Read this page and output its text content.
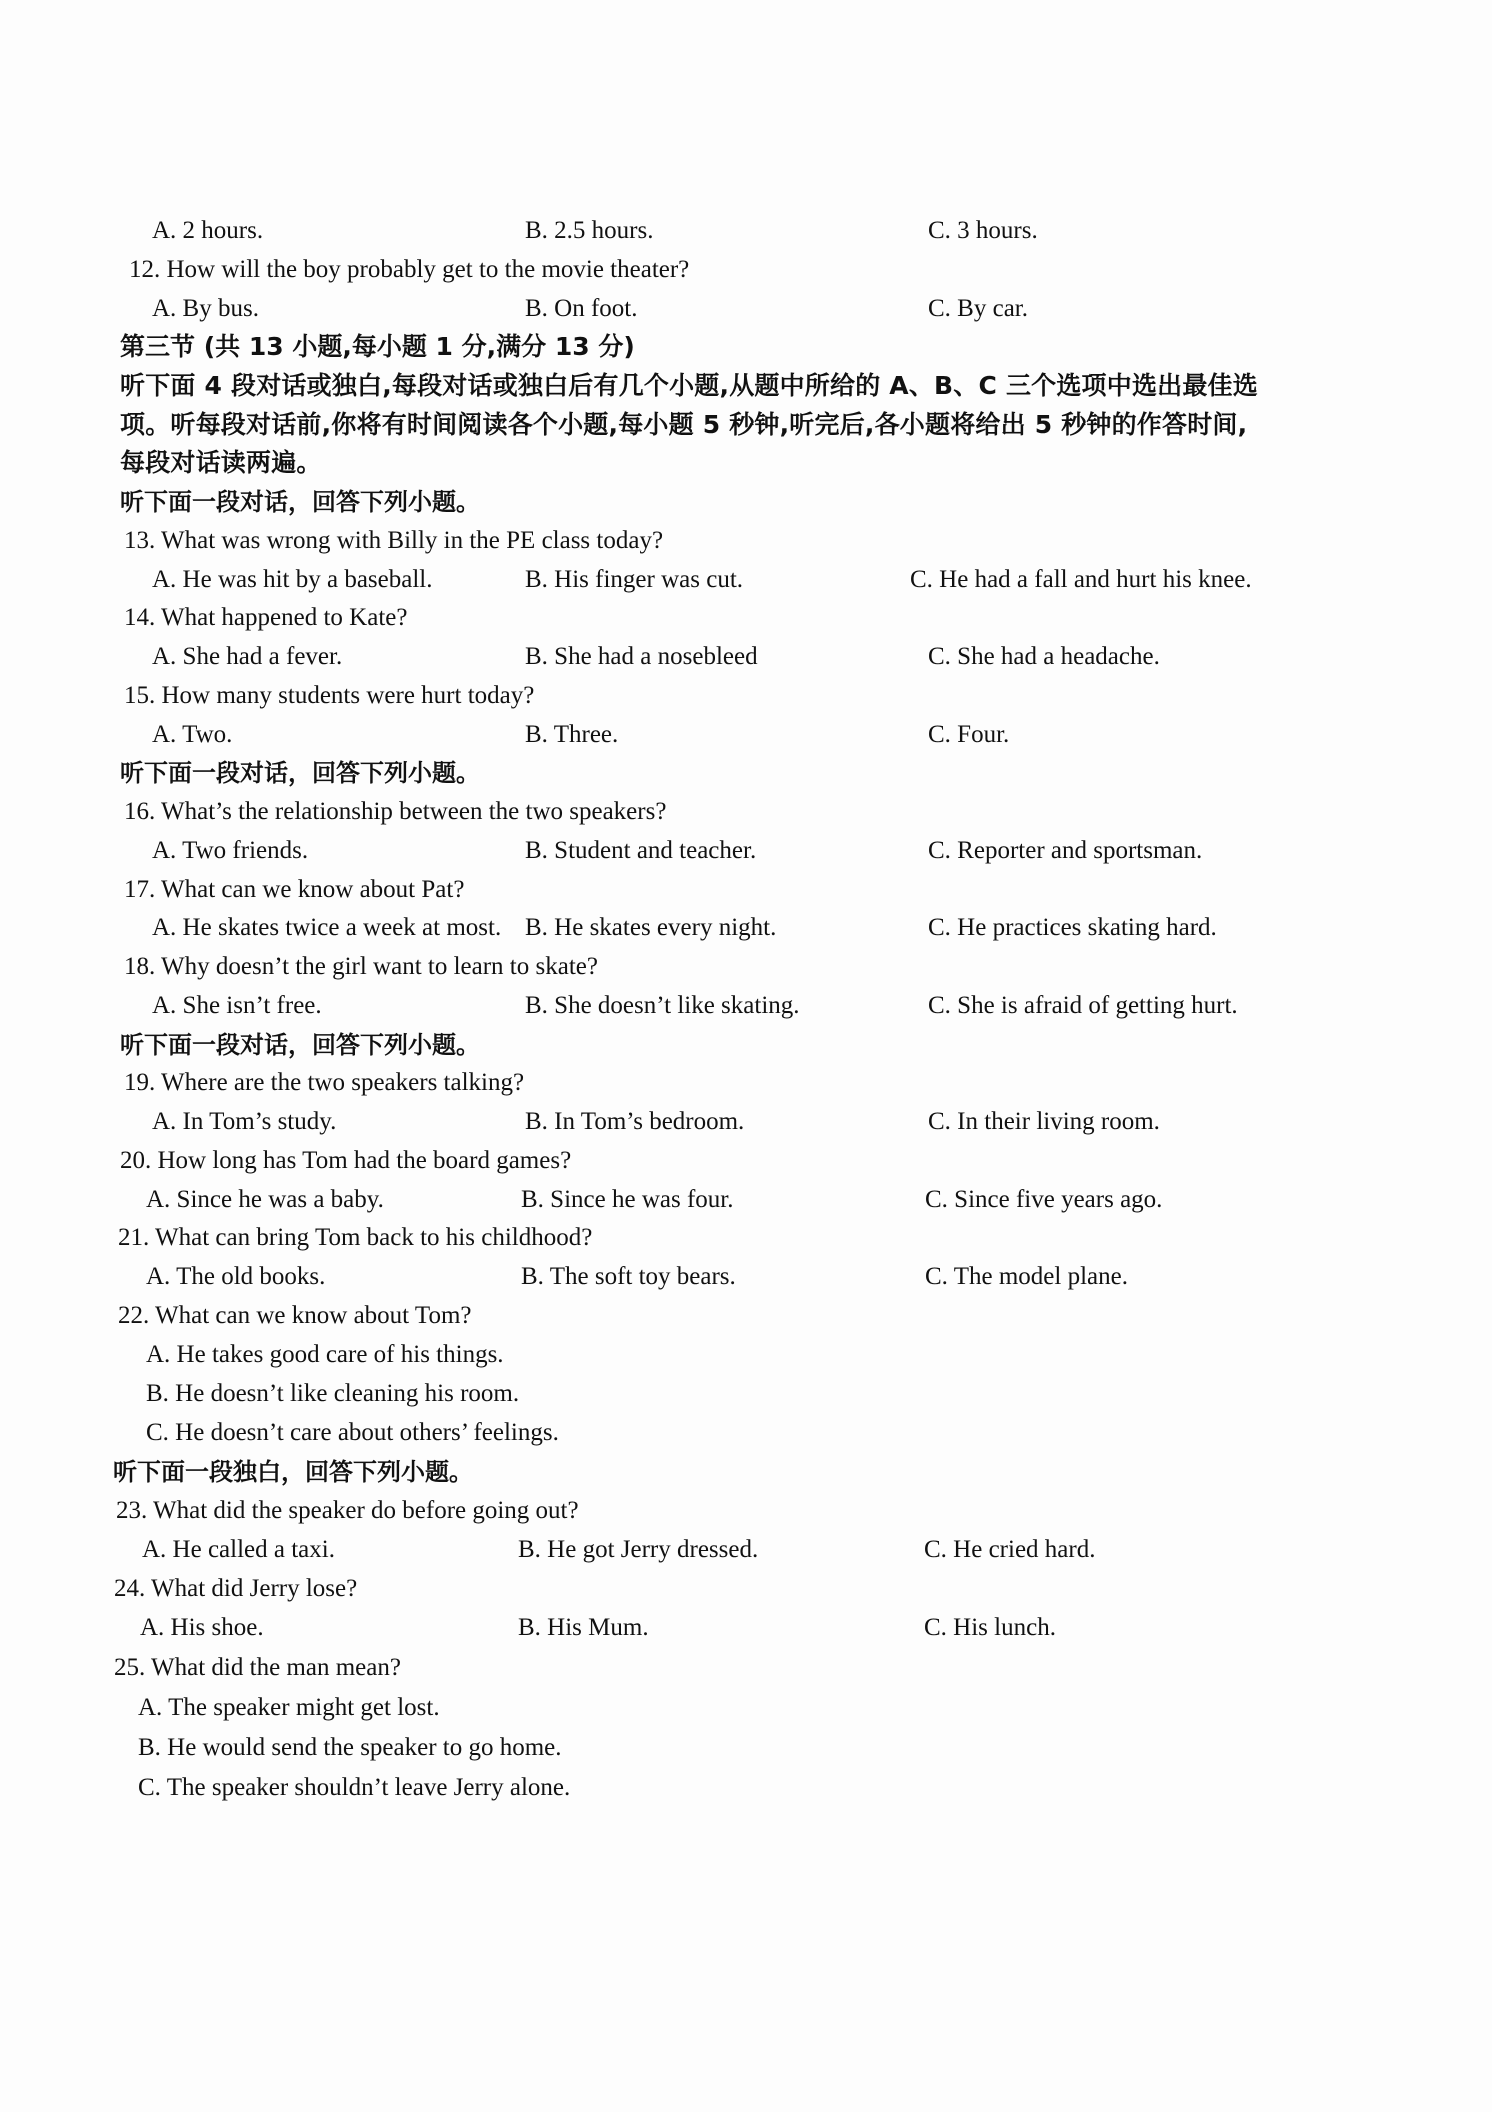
A. 2 hours.	B. 2.5 hours.	C. 3 hours.
12. How will the boy probably get to the movie theater?
A. By bus.	B. On foot.	C. By car.
第三节 (共 13 小题,每小题 1 分,满分 13 分)
听下面 4 段对话或独白,每段对话或独白后有几个小题,从题中所给的 A、B、C 三个选项中选出最佳选
项。听每段对话前,你将有时间阅读各个小题,每小题 5 秒钟,听完后,各小题将给出 5 秒钟的作答时间,
每段对话读两遍。
听下面一段对话，回答下列小题。
13. What was wrong with Billy in the PE class today?
A. He was hit by a baseball.	B. His finger was cut.	C. He had a fall and hurt his knee.
14. What happened to Kate?
A. She had a fever.	B. She had a nosebleed	C. She had a headache.
15. How many students were hurt today?
A. Two.	B. Three.	C. Four.
听下面一段对话，回答下列小题。
16. What’s the relationship between the two speakers?
A. Two friends.	B. Student and teacher.	C. Reporter and sportsman.
17. What can we know about Pat?
A. He skates twice a week at most. B. He skates every night.	C. He practices skating hard.
18. Why doesn’t the girl want to learn to skate?
A. She isn’t free.	B. She doesn’t like skating.	C. She is afraid of getting hurt.
听下面一段对话，回答下列小题。
19. Where are the two speakers talking?
A. In Tom’s study.	B. In Tom’s bedroom.	C. In their living room.
20. How long has Tom had the board games?
A. Since he was a baby.	B. Since he was four.	C. Since five years ago.
21. What can bring Tom back to his childhood?
A. The old books.	B. The soft toy bears.	C. The model plane.
22. What can we know about Tom?
A. He takes good care of his things.
B. He doesn’t like cleaning his room.
C. He doesn’t care about others’ feelings.
听下面一段独白，回答下列小题。
23. What did the speaker do before going out?
A. He called a taxi.	B. He got Jerry dressed.	C. He cried hard.
24. What did Jerry lose?
A. His shoe.	B. His Mum.	C. His lunch.
25. What did the man mean?
A. The speaker might get lost.
B. He would send the speaker to go home.
C. The speaker shouldn’t leave Jerry alone.
